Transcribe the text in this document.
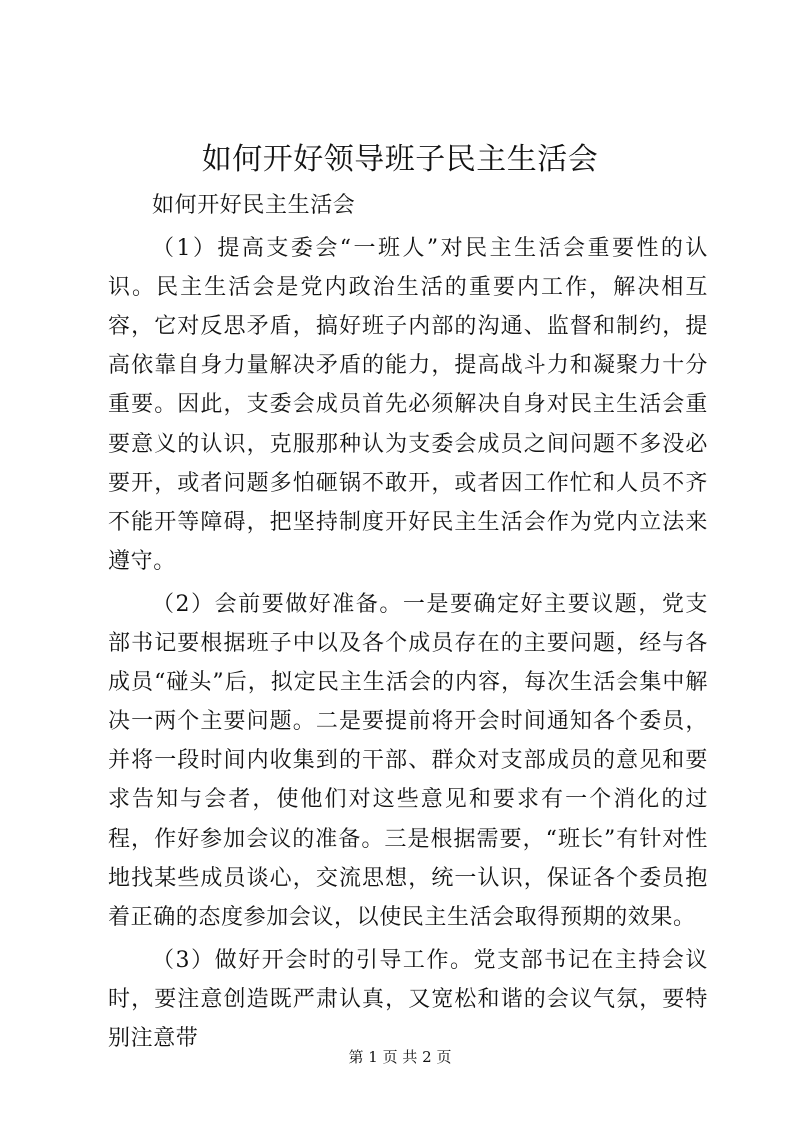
如何开好领导班子民主生活会

如何开好民主生活会

（1）提高支委会“一班人”对民主生活会重要性的认识。民主生活会是党内政治生活的重要内工作，解决相互容，它对反思矛盾，搞好班子内部的沟通、监督和制约，提高依靠自身力量解决矛盾的能力，提高战斗力和凝聚力十分重要。因此，支委会成员首先必须解决自身对民主生活会重要意义的认识，克服那种认为支委会成员之间问题不多没必要开，或者问题多怕砸锅不敢开，或者因工作忙和人员不齐不能开等障碍，把坚持制度开好民主生活会作为党内立法来遵守。

（2）会前要做好准备。一是要确定好主要议题，党支部书记要根据班子中以及各个成员存在的主要问题，经与各成员“碰头”后，拟定民主生活会的内容，每次生活会集中解决一两个主要问题。二是要提前将开会时间通知各个委员，并将一段时间内收集到的干部、群众对支部成员的意见和要求告知与会者，使他们对这些意见和要求有一个消化的过程，作好参加会议的准备。三是根据需要，“班长”有针对性地找某些成员谈心，交流思想，统一认识，保证各个委员抱着正确的态度参加会议，以使民主生活会取得预期的效果。

（3）做好开会时的引导工作。党支部书记在主持会议时，要注意创造既严肃认真，又宽松和谐的会议气氛，要特别注意带

第 1 页 共 2 页
